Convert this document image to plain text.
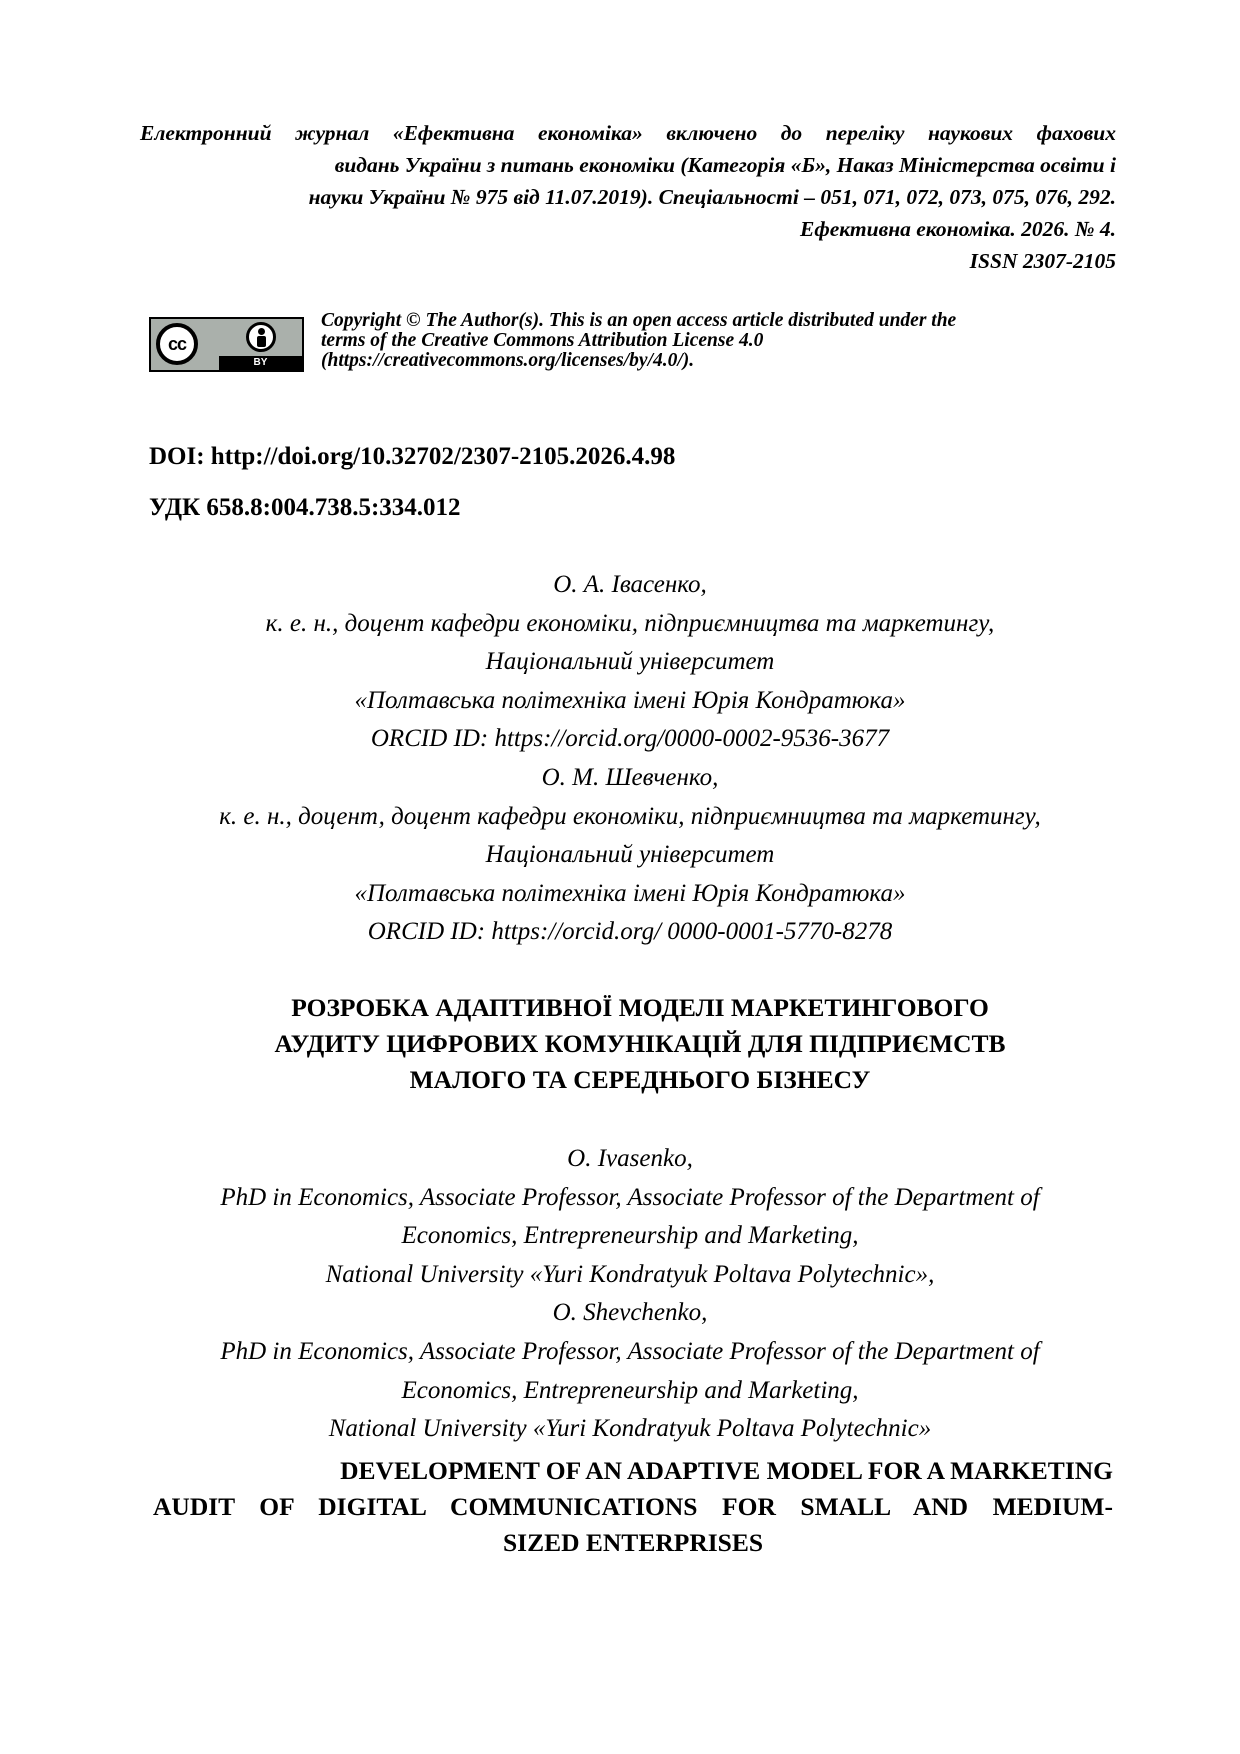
Електронний журнал «Ефективна економіка» включено до переліку наукових фахових
видань України з питань економіки (Категорія «Б», Наказ Міністерства освіти і
науки України № 975 від 11.07.2019). Спеціальності – 051, 071, 072, 073, 075, 076, 292.
Ефективна економіка. 2026. № 4.
ISSN 2307-2105
cc
BY
Copyright © The Author(s). This is an open access article distributed under the
terms of the Creative Commons Attribution License 4.0
(https://creativecommons.org/licenses/by/4.0/).
DOI: http://doi.org/10.32702/2307-2105.2026.4.98
УДК 658.8:004.738.5:334.012
О. А. Івасенко,
к. е. н., доцент кафедри економіки, підприємництва та маркетингу,
Національний університет
«Полтавська політехніка імені Юрія Кондратюка»
ORCID ID: https://orcid.org/0000-0002-9536-3677
О. М. Шевченко,
к. е. н., доцент, доцент кафедри економіки, підприємництва та маркетингу,
Національний університет
«Полтавська політехніка імені Юрія Кондратюка»
ORCID ID: https://orcid.org/ 0000-0001-5770-8278
РОЗРОБКА АДАПТИВНОЇ МОДЕЛІ МАРКЕТИНГОВОГО
АУДИТУ ЦИФРОВИХ КОМУНІКАЦІЙ ДЛЯ ПІДПРИЄМСТВ
МАЛОГО ТА СЕРЕДНЬОГО БІЗНЕСУ
O. Ivasenko,
PhD in Economics, Associate Professor, Associate Professor of the Department of
Economics, Entrepreneurship and Marketing,
National University «Yuri Kondratyuk Poltava Polytechnic»,
O. Shevchenko,
PhD in Economics, Associate Professor, Associate Professor of the Department of
Economics, Entrepreneurship and Marketing,
National University «Yuri Kondratyuk Poltava Polytechnic»
DEVELOPMENT OF AN ADAPTIVE MODEL FOR A MARKETING
AUDIT OF DIGITAL COMMUNICATIONS FOR SMALL AND MEDIUM-
SIZED ENTERPRISES
